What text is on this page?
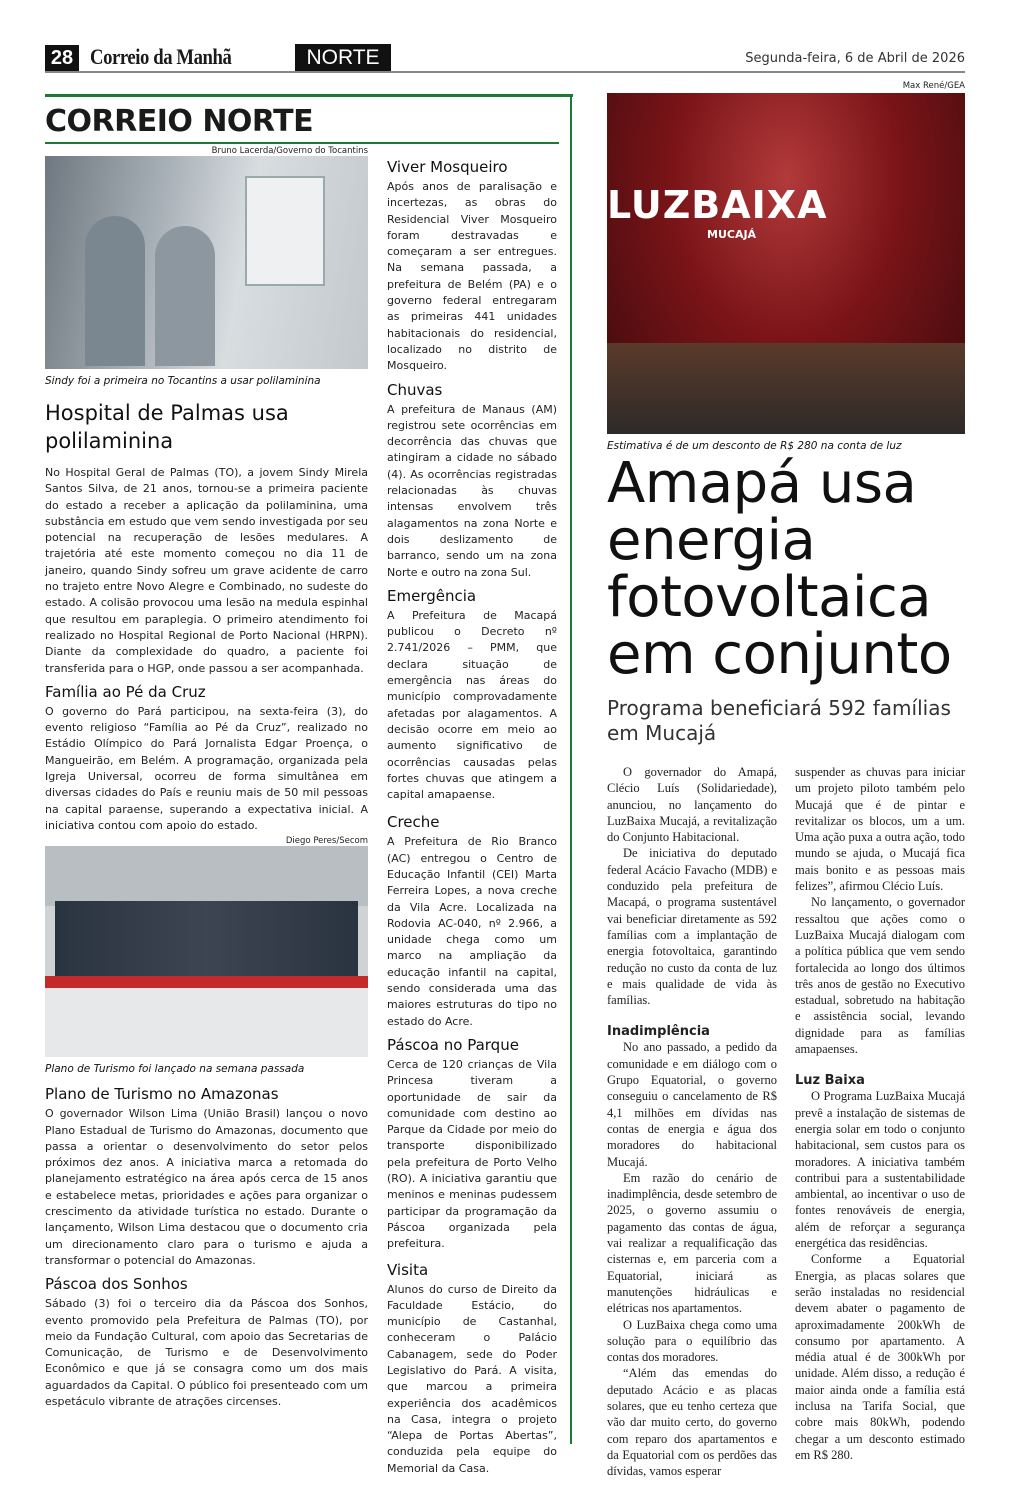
28 Correio da Manhã	NORTE	Segunda-feira, 6 de Abril de 2026
CORREIO NORTE
Bruno Lacerda/Governo do Tocantins
Sindy foi a primeira no Tocantins a usar polilaminina
Hospital de Palmas usa polilaminina
No Hospital Geral de Palmas (TO), a jovem Sindy Mirela Santos Silva, de 21 anos, tornou-se a primeira paciente do estado a receber a aplicação da polilaminina, uma substância em estudo que vem sendo investigada por seu potencial na recuperação de lesões medulares. A trajetória até este momento começou no dia 11 de janeiro, quando Sindy sofreu um grave acidente de carro no trajeto entre Novo Alegre e Combinado, no sudeste do estado. A colisão provocou uma lesão na medula espinhal que resultou em paraplegia. O primeiro atendimento foi realizado no Hospital Regional de Porto Nacional (HRPN). Diante da complexidade do quadro, a paciente foi transferida para o HGP, onde passou a ser acompanhada.
Família ao Pé da Cruz
O governo do Pará participou, na sexta-feira (3), do evento religioso “Família ao Pé da Cruz”, realizado no Estádio Olímpico do Pará Jornalista Edgar Proença, o Mangueirão, em Belém. A programação, organizada pela Igreja Universal, ocorreu de forma simultânea em diversas cidades do País e reuniu mais de 50 mil pessoas na capital paraense, superando a expectativa inicial. A iniciativa contou com apoio do estado.
Diego Peres/Secom
Plano de Turismo foi lançado na semana passada
Plano de Turismo no Amazonas
O governador Wilson Lima (União Brasil) lançou o novo Plano Estadual de Turismo do Amazonas, documento que passa a orientar o desenvolvimento do setor pelos próximos dez anos. A iniciativa marca a retomada do planejamento estratégico na área após cerca de 15 anos e estabelece metas, prioridades e ações para organizar o crescimento da atividade turística no estado. Durante o lançamento, Wilson Lima destacou que o documento cria um direcionamento claro para o turismo e ajuda a transformar o potencial do Amazonas.
Páscoa dos Sonhos
Sábado (3) foi o terceiro dia da Páscoa dos Sonhos, evento promovido pela Prefeitura de Palmas (TO), por meio da Fundação Cultural, com apoio das Secretarias de Comunicação, de Turismo e de Desenvolvimento Econômico e que já se consagra como um dos mais aguardados da Capital. O público foi presenteado com um espetáculo vibrante de atrações circenses.
Viver Mosqueiro
Após anos de paralisação e incertezas, as obras do Residencial Viver Mosqueiro foram destravadas e começaram a ser entregues. Na semana passada, a prefeitura de Belém (PA) e o governo federal entregaram as primeiras 441 unidades habitacionais do residencial, localizado no distrito de Mosqueiro.
Chuvas
A prefeitura de Manaus (AM) registrou sete ocorrências em decorrência das chuvas que atingiram a cidade no sábado (4). As ocorrências registradas relacionadas às chuvas intensas envolvem três alagamentos na zona Norte e dois deslizamento de barranco, sendo um na zona Norte e outro na zona Sul.
Emergência
A Prefeitura de Macapá publicou o Decreto nº 2.741/2026 – PMM, que declara situação de emergência nas áreas do município comprovadamente afetadas por alagamentos. A decisão ocorre em meio ao aumento significativo de ocorrências causadas pelas fortes chuvas que atingem a capital amapaense.
Creche
A Prefeitura de Rio Branco (AC) entregou o Centro de Educação Infantil (CEI) Marta Ferreira Lopes, a nova creche da Vila Acre. Localizada na Rodovia AC-040, nº 2.966, a unidade chega como um marco na ampliação da educação infantil na capital, sendo considerada uma das maiores estruturas do tipo no estado do Acre.
Páscoa no Parque
Cerca de 120 crianças de Vila Princesa tiveram a oportunidade de sair da comunidade com destino ao Parque da Cidade por meio do transporte disponibilizado pela prefeitura de Porto Velho (RO). A iniciativa garantiu que meninos e meninas pudessem participar da programação da Páscoa organizada pela prefeitura.
Visita
Alunos do curso de Direito da Faculdade Estácio, do município de Castanhal, conheceram o Palácio Cabanagem, sede do Poder Legislativo do Pará. A visita, que marcou a primeira experiência dos acadêmicos na Casa, integra o projeto “Alepa de Portas Abertas”, conduzida pela equipe do Memorial da Casa.
Max René/GEA
LUZBAIXA
MUCAJÁ
Estimativa é de um desconto de R$ 280 na conta de luz
Amapá usa energia fotovoltaica em conjunto
Programa beneficiará 592 famílias em Mucajá

O governador do Amapá, Clécio Luís (Solidariedade), anunciou, no lançamento do LuzBaixa Mucajá, a revitalização do Conjunto Habitacional.

De iniciativa do deputado federal Acácio Favacho (MDB) e conduzido pela prefeitura de Macapá, o programa sustentável vai beneficiar diretamente as 592 famílias com a implantação de energia fotovoltaica, garantindo redução no custo da conta de luz e mais qualidade de vida às famílias.

Inadimplência

No ano passado, a pedido da comunidade e em diálogo com o Grupo Equatorial, o governo conseguiu o cancelamento de R$ 4,1 milhões em dívidas nas contas de energia e água dos moradores do habitacional Mucajá.

Em razão do cenário de inadimplência, desde setembro de 2025, o governo assumiu o pagamento das contas de água, vai realizar a requalificação das cisternas e, em parceria com a Equatorial, iniciará as manutenções hidráulicas e elétricas nos apartamentos.

O LuzBaixa chega como uma solução para o equilíbrio das contas dos moradores.

“Além das emendas do deputado Acácio e as placas solares, que eu tenho certeza que vão dar muito certo, do governo com reparo dos apartamentos e da Equatorial com os perdões das dívidas, vamos esperar

suspender as chuvas para iniciar um projeto piloto também pelo Mucajá que é de pintar e revitalizar os blocos, um a um. Uma ação puxa a outra ação, todo mundo se ajuda, o Mucajá fica mais bonito e as pessoas mais felizes”, afirmou Clécio Luís.

No lançamento, o governador ressaltou que ações como o LuzBaixa Mucajá dialogam com a política pública que vem sendo fortalecida ao longo dos últimos três anos de gestão no Executivo estadual, sobretudo na habitação e assistência social, levando dignidade para as famílias amapaenses.

Luz Baixa

O Programa LuzBaixa Mucajá prevê a instalação de sistemas de energia solar em todo o conjunto habitacional, sem custos para os moradores. A iniciativa também contribui para a sustentabilidade ambiental, ao incentivar o uso de fontes renováveis de energia, além de reforçar a segurança energética das residências.

Conforme a Equatorial Energia, as placas solares que serão instaladas no residencial devem abater o pagamento de aproximadamente 200kWh de consumo por apartamento. A média atual é de 300kWh por unidade. Além disso, a redução é maior ainda onde a família está inclusa na Tarifa Social, que cobre mais 80kWh, podendo chegar a um desconto estimado em R$ 280.
